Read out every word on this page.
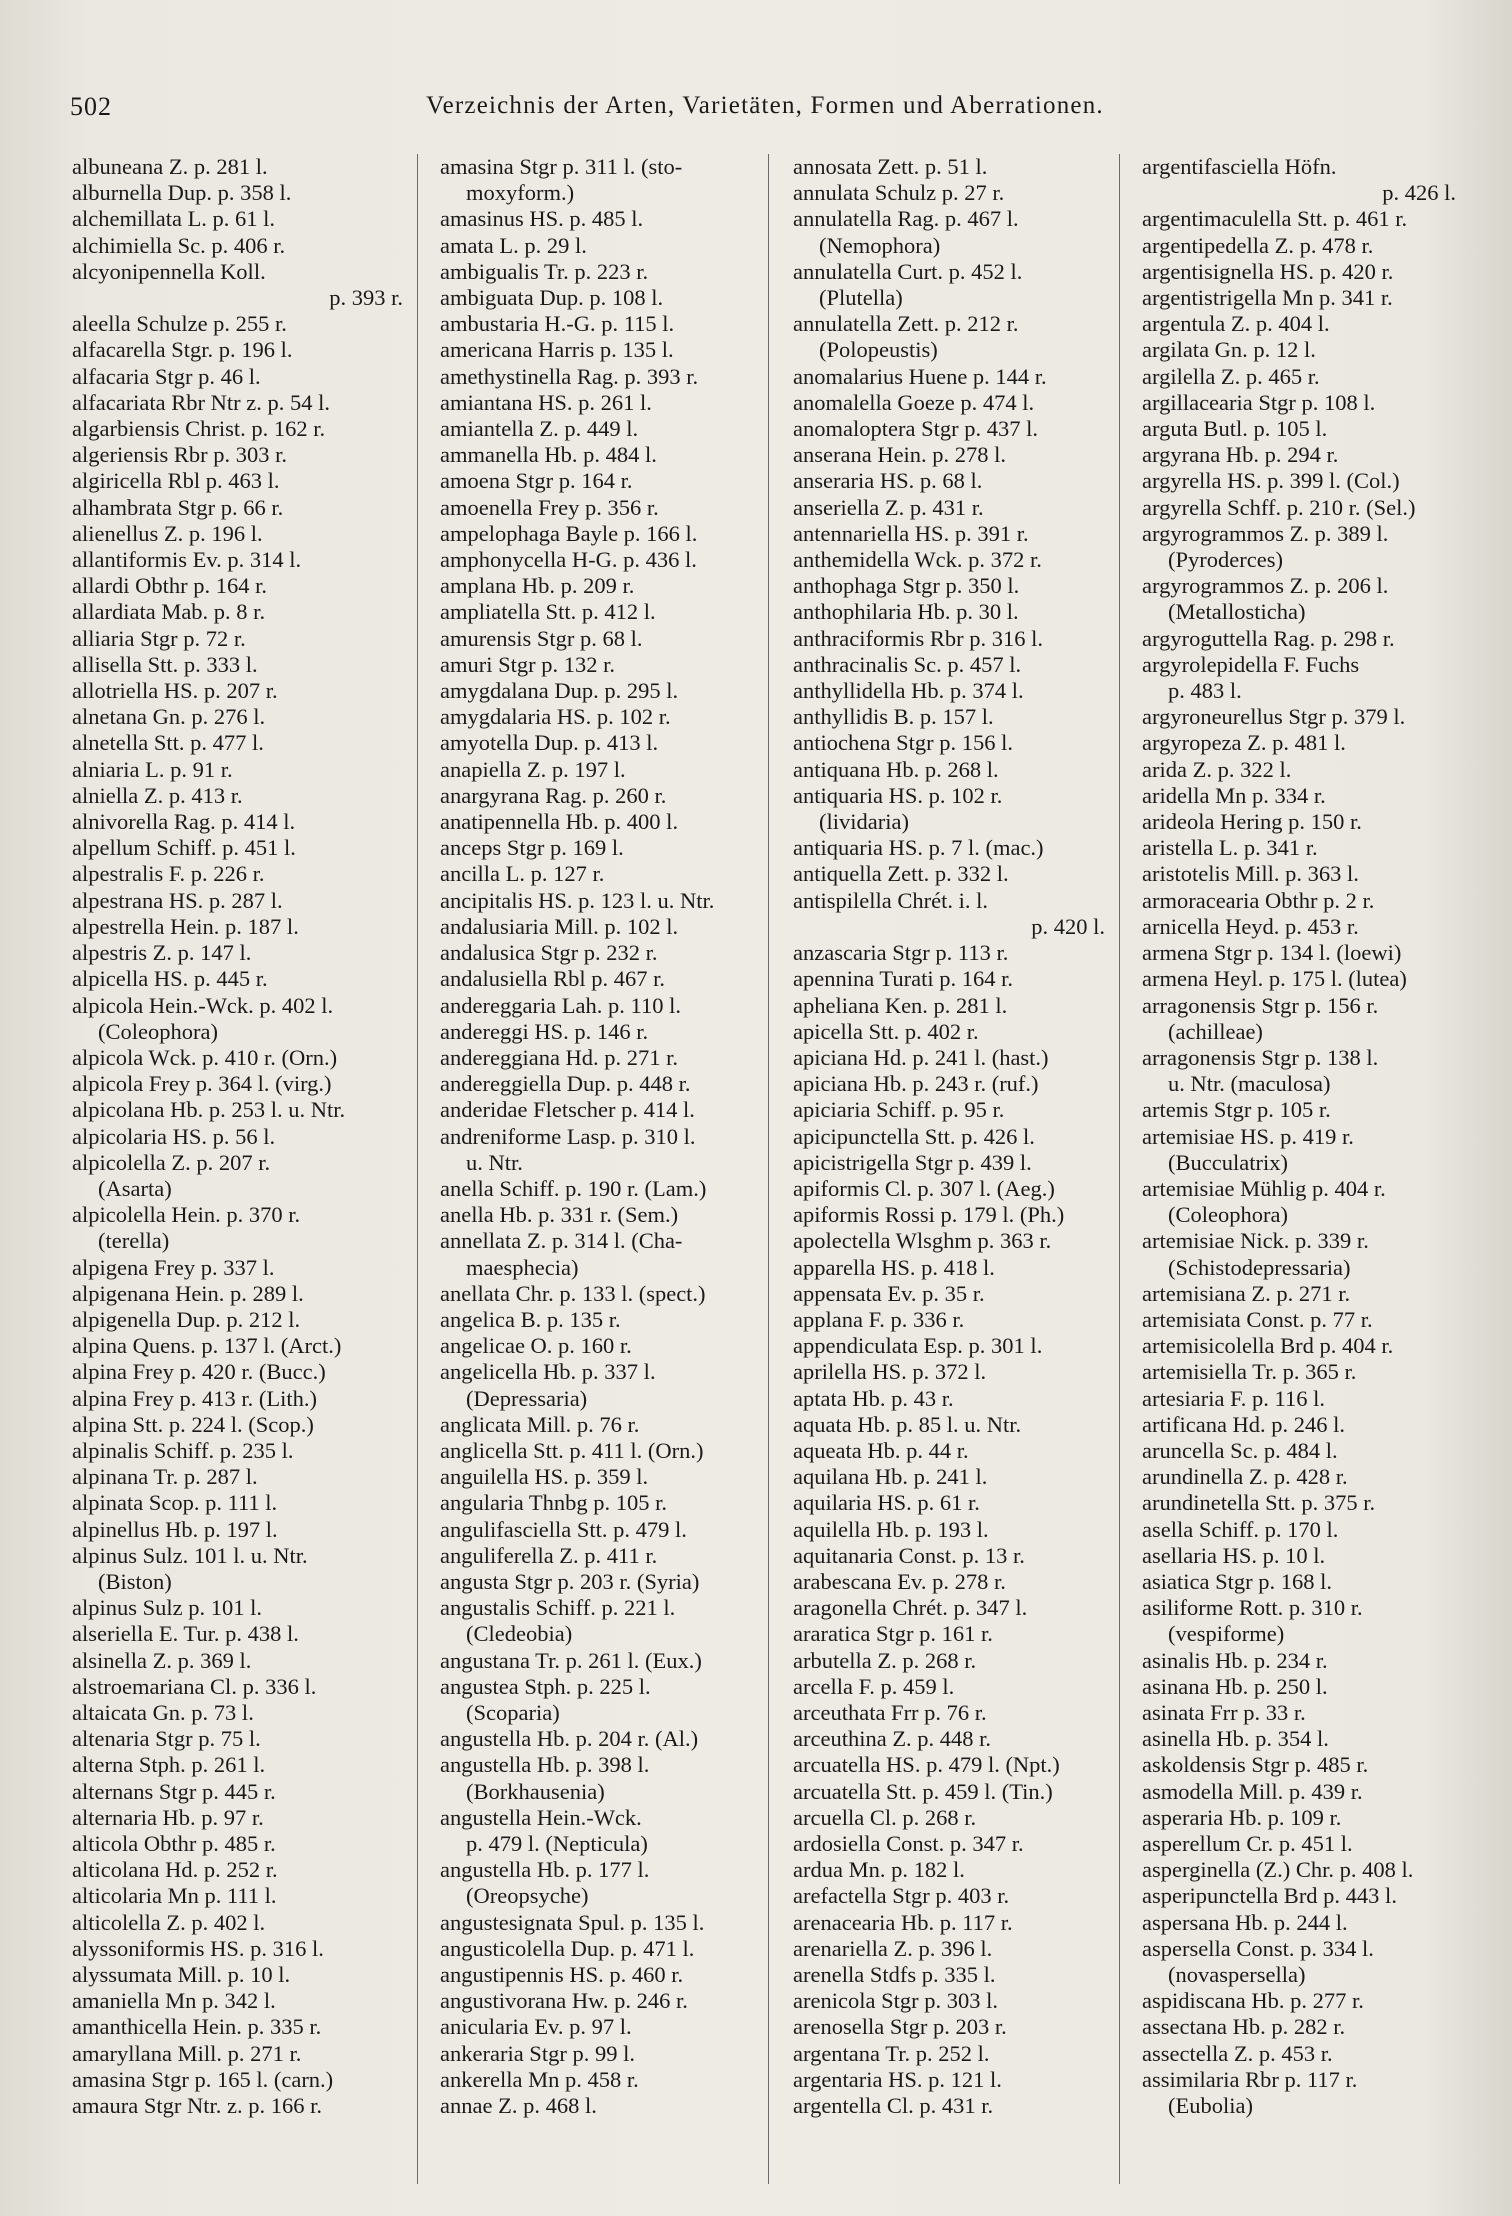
Verzeichnis der Arten, Varietäten, Formen und Aberrationen.
502
albuneana Z. p. 281 l.
alburnella Dup. p. 358 l.
alchemillata L. p. 61 l.
alchimiella Sc. p. 406 r.
alcyonipennella Koll.
p. 393 r.
aleella Schulze p. 255 r.
alfacarella Stgr. p. 196 l.
alfacaria Stgr p. 46 l.
alfacariata Rbr Ntr z. p. 54 l.
algarbiensis Christ. p. 162 r.
algeriensis Rbr p. 303 r.
algiricella Rbl p. 463 l.
alhambrata Stgr p. 66 r.
alienellus Z. p. 196 l.
allantiformis Ev. p. 314 l.
allardi Obthr p. 164 r.
allardiata Mab. p. 8 r.
alliaria Stgr p. 72 r.
allisella Stt. p. 333 l.
allotriella HS. p. 207 r.
alnetana Gn. p. 276 l.
alnetella Stt. p. 477 l.
alniaria L. p. 91 r.
alniella Z. p. 413 r.
alnivorella Rag. p. 414 l.
alpellum Schiff. p. 451 l.
alpestralis F. p. 226 r.
alpestrana HS. p. 287 l.
alpestrella Hein. p. 187 l.
alpestris Z. p. 147 l.
alpicella HS. p. 445 r.
alpicola Hein.-Wck. p. 402 l.
(Coleophora)
alpicola Wck. p. 410 r. (Orn.)
alpicola Frey p. 364 l. (virg.)
alpicolana Hb. p. 253 l. u. Ntr.
alpicolaria HS. p. 56 l.
alpicolella Z. p. 207 r.
(Asarta)
alpicolella Hein. p. 370 r.
(terella)
alpigena Frey p. 337 l.
alpigenana Hein. p. 289 l.
alpigenella Dup. p. 212 l.
alpina Quens. p. 137 l. (Arct.)
alpina Frey p. 420 r. (Bucc.)
alpina Frey p. 413 r. (Lith.)
alpina Stt. p. 224 l. (Scop.)
alpinalis Schiff. p. 235 l.
alpinana Tr. p. 287 l.
alpinata Scop. p. 111 l.
alpinellus Hb. p. 197 l.
alpinus Sulz. 101 l. u. Ntr.
(Biston)
alpinus Sulz p. 101 l.
alseriella E. Tur. p. 438 l.
alsinella Z. p. 369 l.
alstroemariana Cl. p. 336 l.
altaicata Gn. p. 73 l.
altenaria Stgr p. 75 l.
alterna Stph. p. 261 l.
alternans Stgr p. 445 r.
alternaria Hb. p. 97 r.
alticola Obthr p. 485 r.
alticolana Hd. p. 252 r.
alticolaria Mn p. 111 l.
alticolella Z. p. 402 l.
alyssoniformis HS. p. 316 l.
alyssumata Mill. p. 10 l.
amaniella Mn p. 342 l.
amanthicella Hein. p. 335 r.
amaryllana Mill. p. 271 r.
amasina Stgr p. 165 l. (carn.)
amaura Stgr Ntr. z. p. 166 r.
amasina Stgr p. 311 l. (sto-
moxyform.)
amasinus HS. p. 485 l.
amata L. p. 29 l.
ambigualis Tr. p. 223 r.
ambiguata Dup. p. 108 l.
ambustaria H.-G. p. 115 l.
americana Harris p. 135 l.
amethystinella Rag. p. 393 r.
amiantana HS. p. 261 l.
amiantella Z. p. 449 l.
ammanella Hb. p. 484 l.
amoena Stgr p. 164 r.
amoenella Frey p. 356 r.
ampelophaga Bayle p. 166 l.
amphonycella H-G. p. 436 l.
amplana Hb. p. 209 r.
ampliatella Stt. p. 412 l.
amurensis Stgr p. 68 l.
amuri Stgr p. 132 r.
amygdalana Dup. p. 295 l.
amygdalaria HS. p. 102 r.
amyotella Dup. p. 413 l.
anapiella Z. p. 197 l.
anargyrana Rag. p. 260 r.
anatipennella Hb. p. 400 l.
anceps Stgr p. 169 l.
ancilla L. p. 127 r.
ancipitalis HS. p. 123 l. u. Ntr.
andalusiaria Mill. p. 102 l.
andalusica Stgr p. 232 r.
andalusiella Rbl p. 467 r.
andereggaria Lah. p. 110 l.
andereggi HS. p. 146 r.
andereggiana Hd. p. 271 r.
andereggiella Dup. p. 448 r.
anderidae Fletscher p. 414 l.
andreniforme Lasp. p. 310 l.
u. Ntr.
anella Schiff. p. 190 r. (Lam.)
anella Hb. p. 331 r. (Sem.)
annellata Z. p. 314 l. (Cha-
maesphecia)
anellata Chr. p. 133 l. (spect.)
angelica B. p. 135 r.
angelicae O. p. 160 r.
angelicella Hb. p. 337 l.
(Depressaria)
anglicata Mill. p. 76 r.
anglicella Stt. p. 411 l. (Orn.)
anguilella HS. p. 359 l.
angularia Thnbg p. 105 r.
angulifasciella Stt. p. 479 l.
anguliferella Z. p. 411 r.
angusta Stgr p. 203 r. (Syria)
angustalis Schiff. p. 221 l.
(Cledeobia)
angustana Tr. p. 261 l. (Eux.)
angustea Stph. p. 225 l.
(Scoparia)
angustella Hb. p. 204 r. (Al.)
angustella Hb. p. 398 l.
(Borkhausenia)
angustella Hein.-Wck.
p. 479 l. (Nepticula)
angustella Hb. p. 177 l.
(Oreopsyche)
angustesignata Spul. p. 135 l.
angusticolella Dup. p. 471 l.
angustipennis HS. p. 460 r.
angustivorana Hw. p. 246 r.
anicularia Ev. p. 97 l.
ankeraria Stgr p. 99 l.
ankerella Mn p. 458 r.
annae Z. p. 468 l.
annosata Zett. p. 51 l.
annulata Schulz p. 27 r.
annulatella Rag. p. 467 l.
(Nemophora)
annulatella Curt. p. 452 l.
(Plutella)
annulatella Zett. p. 212 r.
(Polopeustis)
anomalarius Huene p. 144 r.
anomalella Goeze p. 474 l.
anomaloptera Stgr p. 437 l.
anserana Hein. p. 278 l.
anseraria HS. p. 68 l.
anseriella Z. p. 431 r.
antennariella HS. p. 391 r.
anthemidella Wck. p. 372 r.
anthophaga Stgr p. 350 l.
anthophilaria Hb. p. 30 l.
anthraciformis Rbr p. 316 l.
anthracinalis Sc. p. 457 l.
anthyllidella Hb. p. 374 l.
anthyllidis B. p. 157 l.
antiochena Stgr p. 156 l.
antiquana Hb. p. 268 l.
antiquaria HS. p. 102 r.
(lividaria)
antiquaria HS. p. 7 l. (mac.)
antiquella Zett. p. 332 l.
antispilella Chrét. i. l.
p. 420 l.
anzascaria Stgr p. 113 r.
apennina Turati p. 164 r.
apheliana Ken. p. 281 l.
apicella Stt. p. 402 r.
apiciana Hd. p. 241 l. (hast.)
apiciana Hb. p. 243 r. (ruf.)
apiciaria Schiff. p. 95 r.
apicipunctella Stt. p. 426 l.
apicistrigella Stgr p. 439 l.
apiformis Cl. p. 307 l. (Aeg.)
apiformis Rossi p. 179 l. (Ph.)
apolectella Wlsghm p. 363 r.
apparella HS. p. 418 l.
appensata Ev. p. 35 r.
applana F. p. 336 r.
appendiculata Esp. p. 301 l.
aprilella HS. p. 372 l.
aptata Hb. p. 43 r.
aquata Hb. p. 85 l. u. Ntr.
aqueata Hb. p. 44 r.
aquilana Hb. p. 241 l.
aquilaria HS. p. 61 r.
aquilella Hb. p. 193 l.
aquitanaria Const. p. 13 r.
arabescana Ev. p. 278 r.
aragonella Chrét. p. 347 l.
araratica Stgr p. 161 r.
arbutella Z. p. 268 r.
arcella F. p. 459 l.
arceuthata Frr p. 76 r.
arceuthina Z. p. 448 r.
arcuatella HS. p. 479 l. (Npt.)
arcuatella Stt. p. 459 l. (Tin.)
arcuella Cl. p. 268 r.
ardosiella Const. p. 347 r.
ardua Mn. p. 182 l.
arefactella Stgr p. 403 r.
arenacearia Hb. p. 117 r.
arenariella Z. p. 396 l.
arenella Stdfs p. 335 l.
arenicola Stgr p. 303 l.
arenosella Stgr p. 203 r.
argentana Tr. p. 252 l.
argentaria HS. p. 121 l.
argentella Cl. p. 431 r.
argentifasciella Höfn.
p. 426 l.
argentimaculella Stt. p. 461 r.
argentipedella Z. p. 478 r.
argentisignella HS. p. 420 r.
argentistrigella Mn p. 341 r.
argentula Z. p. 404 l.
argilata Gn. p. 12 l.
argilella Z. p. 465 r.
argillacearia Stgr p. 108 l.
arguta Butl. p. 105 l.
argyrana Hb. p. 294 r.
argyrella HS. p. 399 l. (Col.)
argyrella Schff. p. 210 r. (Sel.)
argyrogrammos Z. p. 389 l.
(Pyroderces)
argyrogrammos Z. p. 206 l.
(Metallosticha)
argyroguttella Rag. p. 298 r.
argyrolepidella F. Fuchs
p. 483 l.
argyroneurellus Stgr p. 379 l.
argyropeza Z. p. 481 l.
arida Z. p. 322 l.
aridella Mn p. 334 r.
arideola Hering p. 150 r.
aristella L. p. 341 r.
aristotelis Mill. p. 363 l.
armoracearia Obthr p. 2 r.
arnicella Heyd. p. 453 r.
armena Stgr p. 134 l. (loewi)
armena Heyl. p. 175 l. (lutea)
arragonensis Stgr p. 156 r.
(achilleae)
arragonensis Stgr p. 138 l.
u. Ntr. (maculosa)
artemis Stgr p. 105 r.
artemisiae HS. p. 419 r.
(Bucculatrix)
artemisiae Mühlig p. 404 r.
(Coleophora)
artemisiae Nick. p. 339 r.
(Schistodepressaria)
artemisiana Z. p. 271 r.
artemisiata Const. p. 77 r.
artemisicolella Brd p. 404 r.
artemisiella Tr. p. 365 r.
artesiaria F. p. 116 l.
artificana Hd. p. 246 l.
aruncella Sc. p. 484 l.
arundinella Z. p. 428 r.
arundinetella Stt. p. 375 r.
asella Schiff. p. 170 l.
asellaria HS. p. 10 l.
asiatica Stgr p. 168 l.
asiliforme Rott. p. 310 r.
(vespiforme)
asinalis Hb. p. 234 r.
asinana Hb. p. 250 l.
asinata Frr p. 33 r.
asinella Hb. p. 354 l.
askoldensis Stgr p. 485 r.
asmodella Mill. p. 439 r.
asperaria Hb. p. 109 r.
asperellum Cr. p. 451 l.
asperginella (Z.) Chr. p. 408 l.
asperipunctella Brd p. 443 l.
aspersana Hb. p. 244 l.
aspersella Const. p. 334 l.
(novaspersella)
aspidiscana Hb. p. 277 r.
assectana Hb. p. 282 r.
assectella Z. p. 453 r.
assimilaria Rbr p. 117 r.
(Eubolia)
